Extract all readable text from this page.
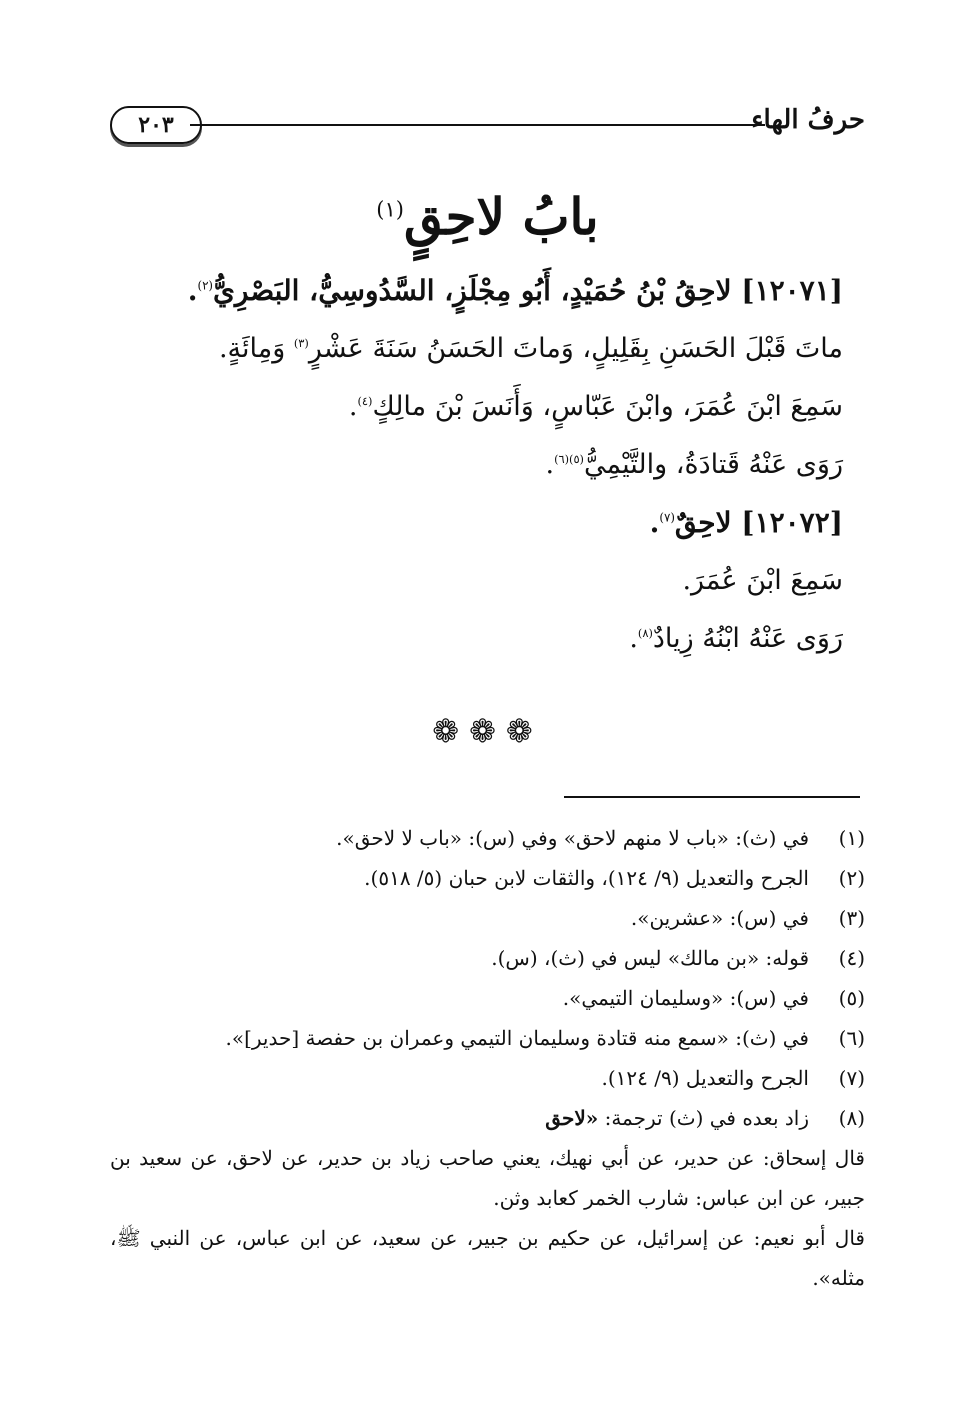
حرفُ الهاء
٢٠٣
بابُ لاحِقٍ$^{(١)}$
[١٢٠٧١] لاحِقُ بْنُ حُمَيْدٍ، أَبُو مِجْلَزٍ، السَّدُوسِيُّ، البَصْرِيُّ$^{(٢)}$.
ماتَ قَبْلَ الحَسَنِ بِقَلِيلٍ، وَماتَ الحَسَنُ سَنَةَ عَشْرٍ$^{(٣)}$ وَمِائَةٍ.
سَمِعَ ابْنَ عُمَرَ، وابْنَ عَبّاسٍ، وَأَنَسَ بْنَ مالِكٍ$^{(٤)}$.
رَوَى عَنْهُ قَتادَةُ، والتَّيْمِيُّ$^{(٥)(٦)}$.
[١٢٠٧٢] لاحِقٌ$^{(٧)}$.
سَمِعَ ابْنَ عُمَرَ.
رَوَى عَنْهُ ابْنُهُ زِيادٌ$^{(٨)}$.
❁❁❁
(١)
في (ث): «باب لا منهم لاحق» وفي (س): «باب لا لاحق».
(٢)
الجرح والتعديل (٩/ ١٢٤)، والثقات لابن حبان (٥/ ٥١٨).
(٣)
في (س): «عشرين».
(٤)
قوله: «بن مالك» ليس في (ث)، (س).
(٥)
في (س): «وسليمان التيمي».
(٦)
في (ث): «سمع منه قتادة وسليمان التيمي وعمران بن حفصة [حدير]».
(٧)
الجرح والتعديل (٩/ ١٢٤).
(٨)
زاد بعده في (ث) ترجمة: «لاحق
قال إسحاق: عن حدير، عن أبي نهيك، يعني صاحب زياد بن حدير، عن لاحق، عن سعيد بن جبير، عن ابن عباس: شارب الخمر كعابد وثن.
قال أبو نعيم: عن إسرائيل، عن حكيم بن جبير، عن سعيد، عن ابن عباس، عن النبي ﷺ، مثله».
